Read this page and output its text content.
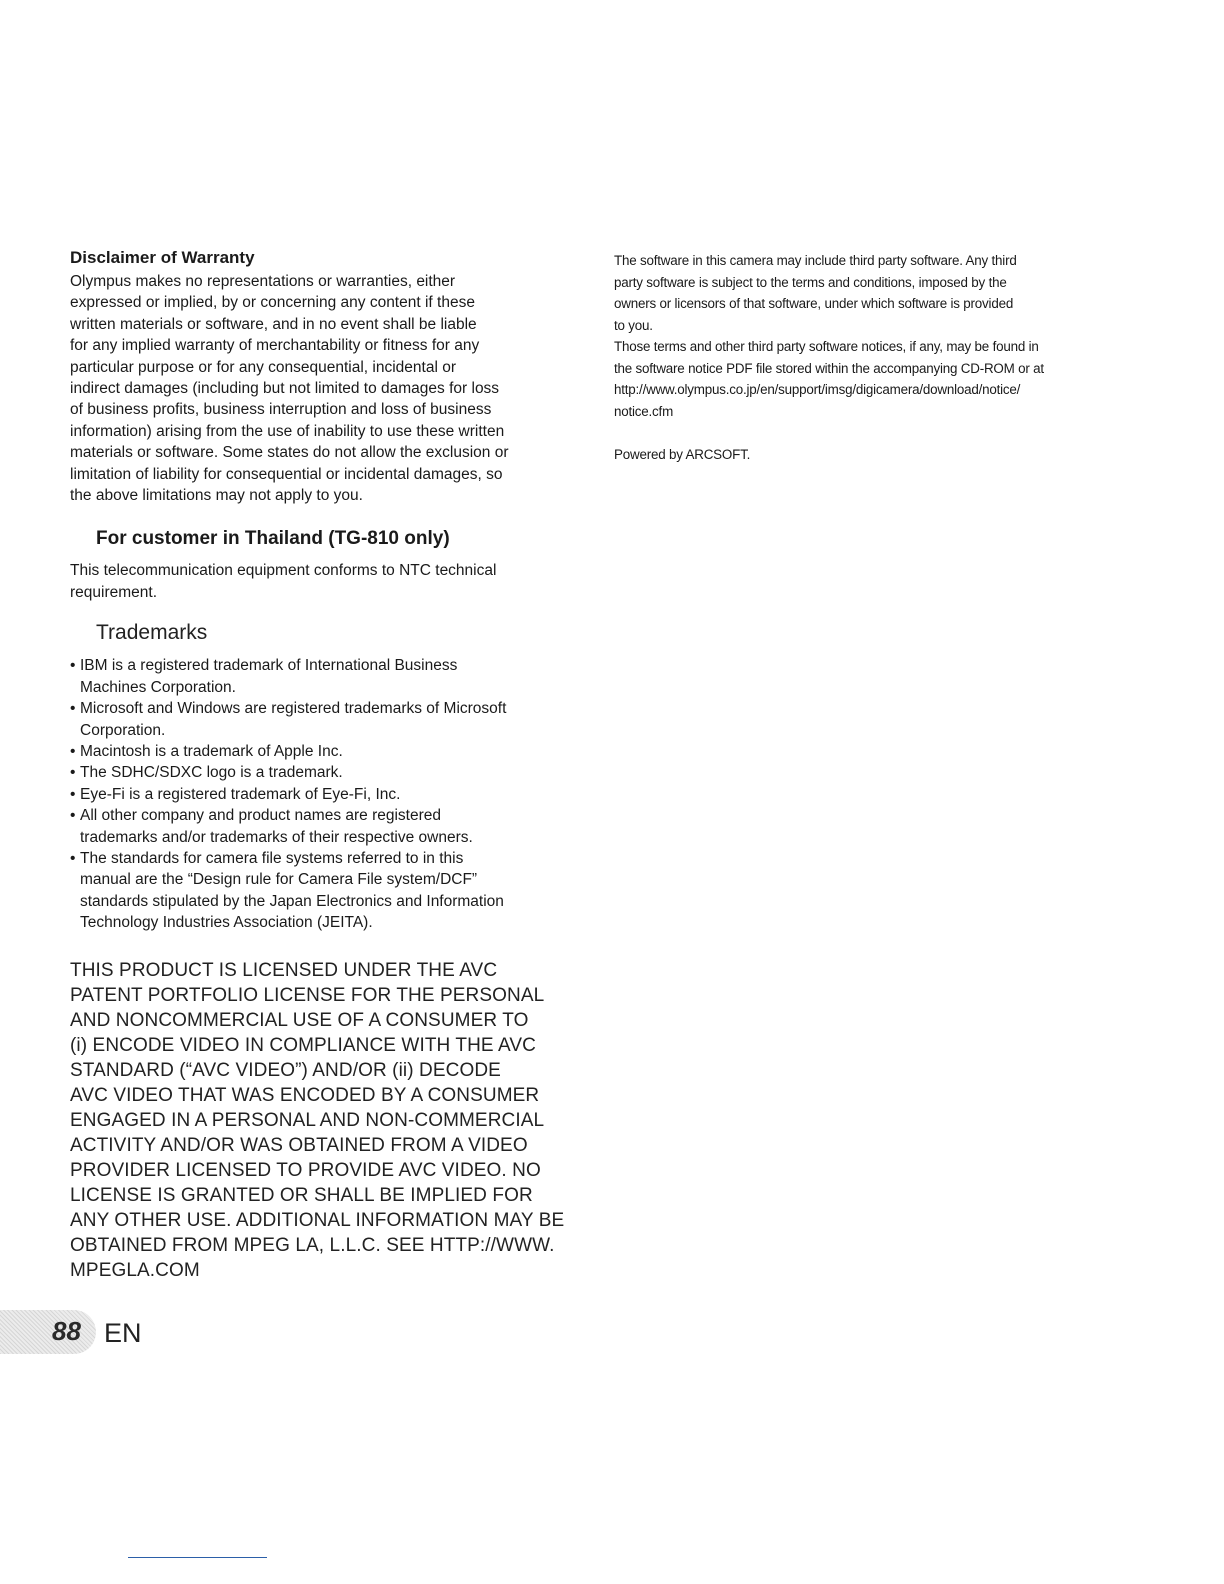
Disclaimer of Warranty

Olympus makes no representations or warranties, either
expressed or implied, by or concerning any content if these
written materials or software, and in no event shall be liable
for any implied warranty of merchantability or fitness for any
particular purpose or for any consequential, incidental or
indirect damages (including but not limited to damages for loss
of business profits, business interruption and loss of business
information) arising from the use of inability to use these written
materials or software. Some states do not allow the exclusion or
limitation of liability for consequential or incidental damages, so
the above limitations may not apply to you.

For customer in Thailand (TG-810 only)

This telecommunication equipment conforms to NTC technical
requirement.

Trademarks
• IBM is a registered trademark of International Business
Machines Corporation.
• Microsoft and Windows are registered trademarks of Microsoft
Corporation.
• Macintosh is a trademark of Apple Inc.
• The SDHC/SDXC logo is a trademark.
• Eye-Fi is a registered trademark of Eye-Fi, Inc.
• All other company and product names are registered
trademarks and/or trademarks of their respective owners.
• The standards for camera file systems referred to in this
manual are the “Design rule for Camera File system/DCF”
standards stipulated by the Japan Electronics and Information
Technology Industries Association (JEITA).

THIS PRODUCT IS LICENSED UNDER THE AVC
PATENT PORTFOLIO LICENSE FOR THE PERSONAL
AND NONCOMMERCIAL USE OF A CONSUMER TO
(i) ENCODE VIDEO IN COMPLIANCE WITH THE AVC
STANDARD (“AVC VIDEO”) AND/OR (ii) DECODE
AVC VIDEO THAT WAS ENCODED BY A CONSUMER
ENGAGED IN A PERSONAL AND NON-COMMERCIAL
ACTIVITY AND/OR WAS OBTAINED FROM A VIDEO
PROVIDER LICENSED TO PROVIDE AVC VIDEO. NO
LICENSE IS GRANTED OR SHALL BE IMPLIED FOR
ANY OTHER USE. ADDITIONAL INFORMATION MAY BE
OBTAINED FROM MPEG LA, L.L.C. SEE HTTP://WWW.
MPEGLA.COM

The software in this camera may include third party software. Any third
party software is subject to the terms and conditions, imposed by the
owners or licensors of that software, under which software is provided
to you.
Those terms and other third party software notices, if any, may be found in
the software notice PDF file stored within the accompanying CD-ROM or at
http://www.olympus.co.jp/en/support/imsg/digicamera/download/notice/
notice.cfm

Powered by ARCSOFT.

88 EN
